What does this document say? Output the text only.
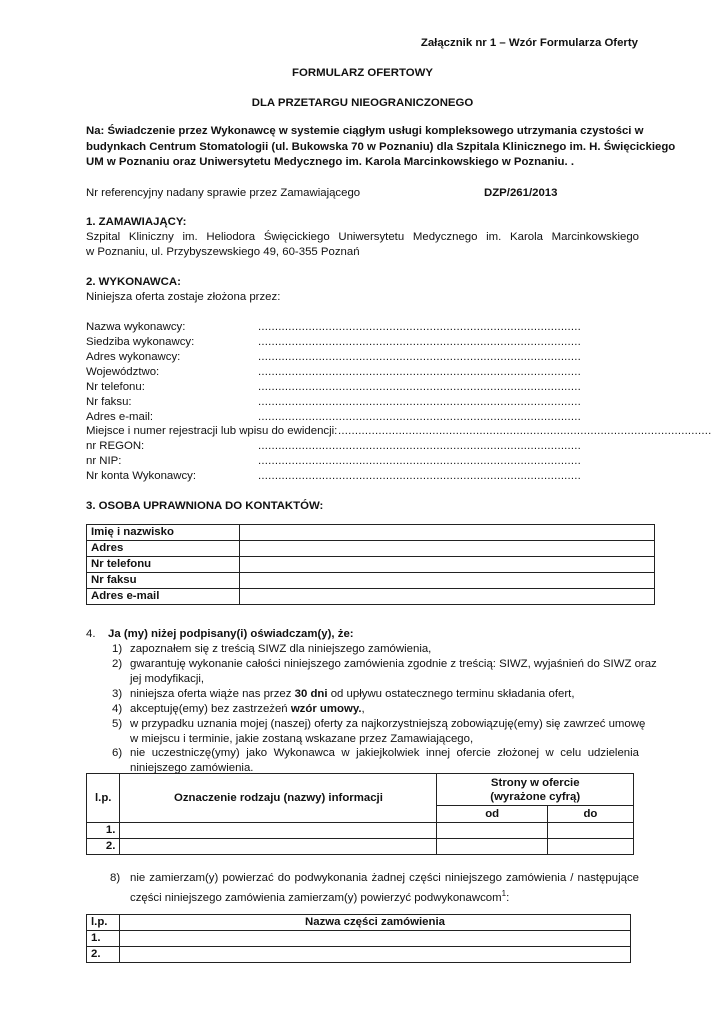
Załącznik nr 1 – Wzór Formularza Oferty
FORMULARZ OFERTOWY
DLA PRZETARGU NIEOGRANICZONEGO
Na: Świadczenie przez Wykonawcę w systemie ciągłym usługi kompleksowego utrzymania czystości w
budynkach Centrum Stomatologii (ul. Bukowska 70 w Poznaniu) dla Szpitala Klinicznego im. H. Święcickiego
UM w Poznaniu oraz Uniwersytetu Medycznego im. Karola Marcinkowskiego w Poznaniu. .
Nr referencyjny nadany sprawie przez Zamawiającego	DZP/261/2013
1. ZAMAWIAJĄCY:
Szpital Kliniczny im. Heliodora Święcickiego Uniwersytetu Medycznego im. Karola Marcinkowskiego
w Poznaniu, ul. Przybyszewskiego 49, 60-355 Poznań
2. WYKONAWCA:
Niniejsza oferta zostaje złożona przez:
Nazwa wykonawcy:	................................................................................................
Siedziba wykonawcy:	................................................................................................
Adres wykonawcy:	................................................................................................
Województwo:	................................................................................................
Nr telefonu:	................................................................................................
Nr faksu:	................................................................................................
Adres e-mail:	................................................................................................
Miejsce i numer rejestracji lub wpisu do ewidencji: ...............................................................................................................
nr REGON:	................................................................................................
nr NIP:	................................................................................................
Nr konta Wykonawcy:	................................................................................................
3. OSOBA UPRAWNIONA DO KONTAKTÓW:
Imię i nazwisko	
Adres	
Nr telefonu	
Nr faksu	
Adres e-mail	
4. Ja (my) niżej podpisany(i) oświadczam(y), że:
1) zapoznałem się z treścią SIWZ dla niniejszego zamówienia,
2) gwarantuję wykonanie całości niniejszego zamówienia zgodnie z treścią: SIWZ, wyjaśnień do SIWZ oraz
jej modyfikacji,
3) niniejsza oferta wiąże nas przez 30 dni od upływu ostatecznego terminu składania ofert,
4) akceptuję(emy) bez zastrzeżeń wzór umowy.,
5) w przypadku uznania mojej (naszej) oferty za najkorzystniejszą zobowiązuję(emy) się zawrzeć umowę
w miejscu i terminie, jakie zostaną wskazane przez Zamawiającego,
6) nie uczestniczę(ymy) jako Wykonawca w jakiejkolwiek innej ofercie złożonej w celu udzielenia
niniejszego zamówienia.
l.p.	Oznaczenie rodzaju (nazwy) informacji	Strony w ofercie
(wyrażone cyfrą)	
		od	do
1.			
2.			
8) nie zamierzam(y) powierzać do podwykonania żadnej części niniejszego zamówienia / następujące
części niniejszego zamówienia zamierzam(y) powierzyć podwykonawcom$^1$:
l.p.	Nazwa części zamówienia
1.	
2.	
